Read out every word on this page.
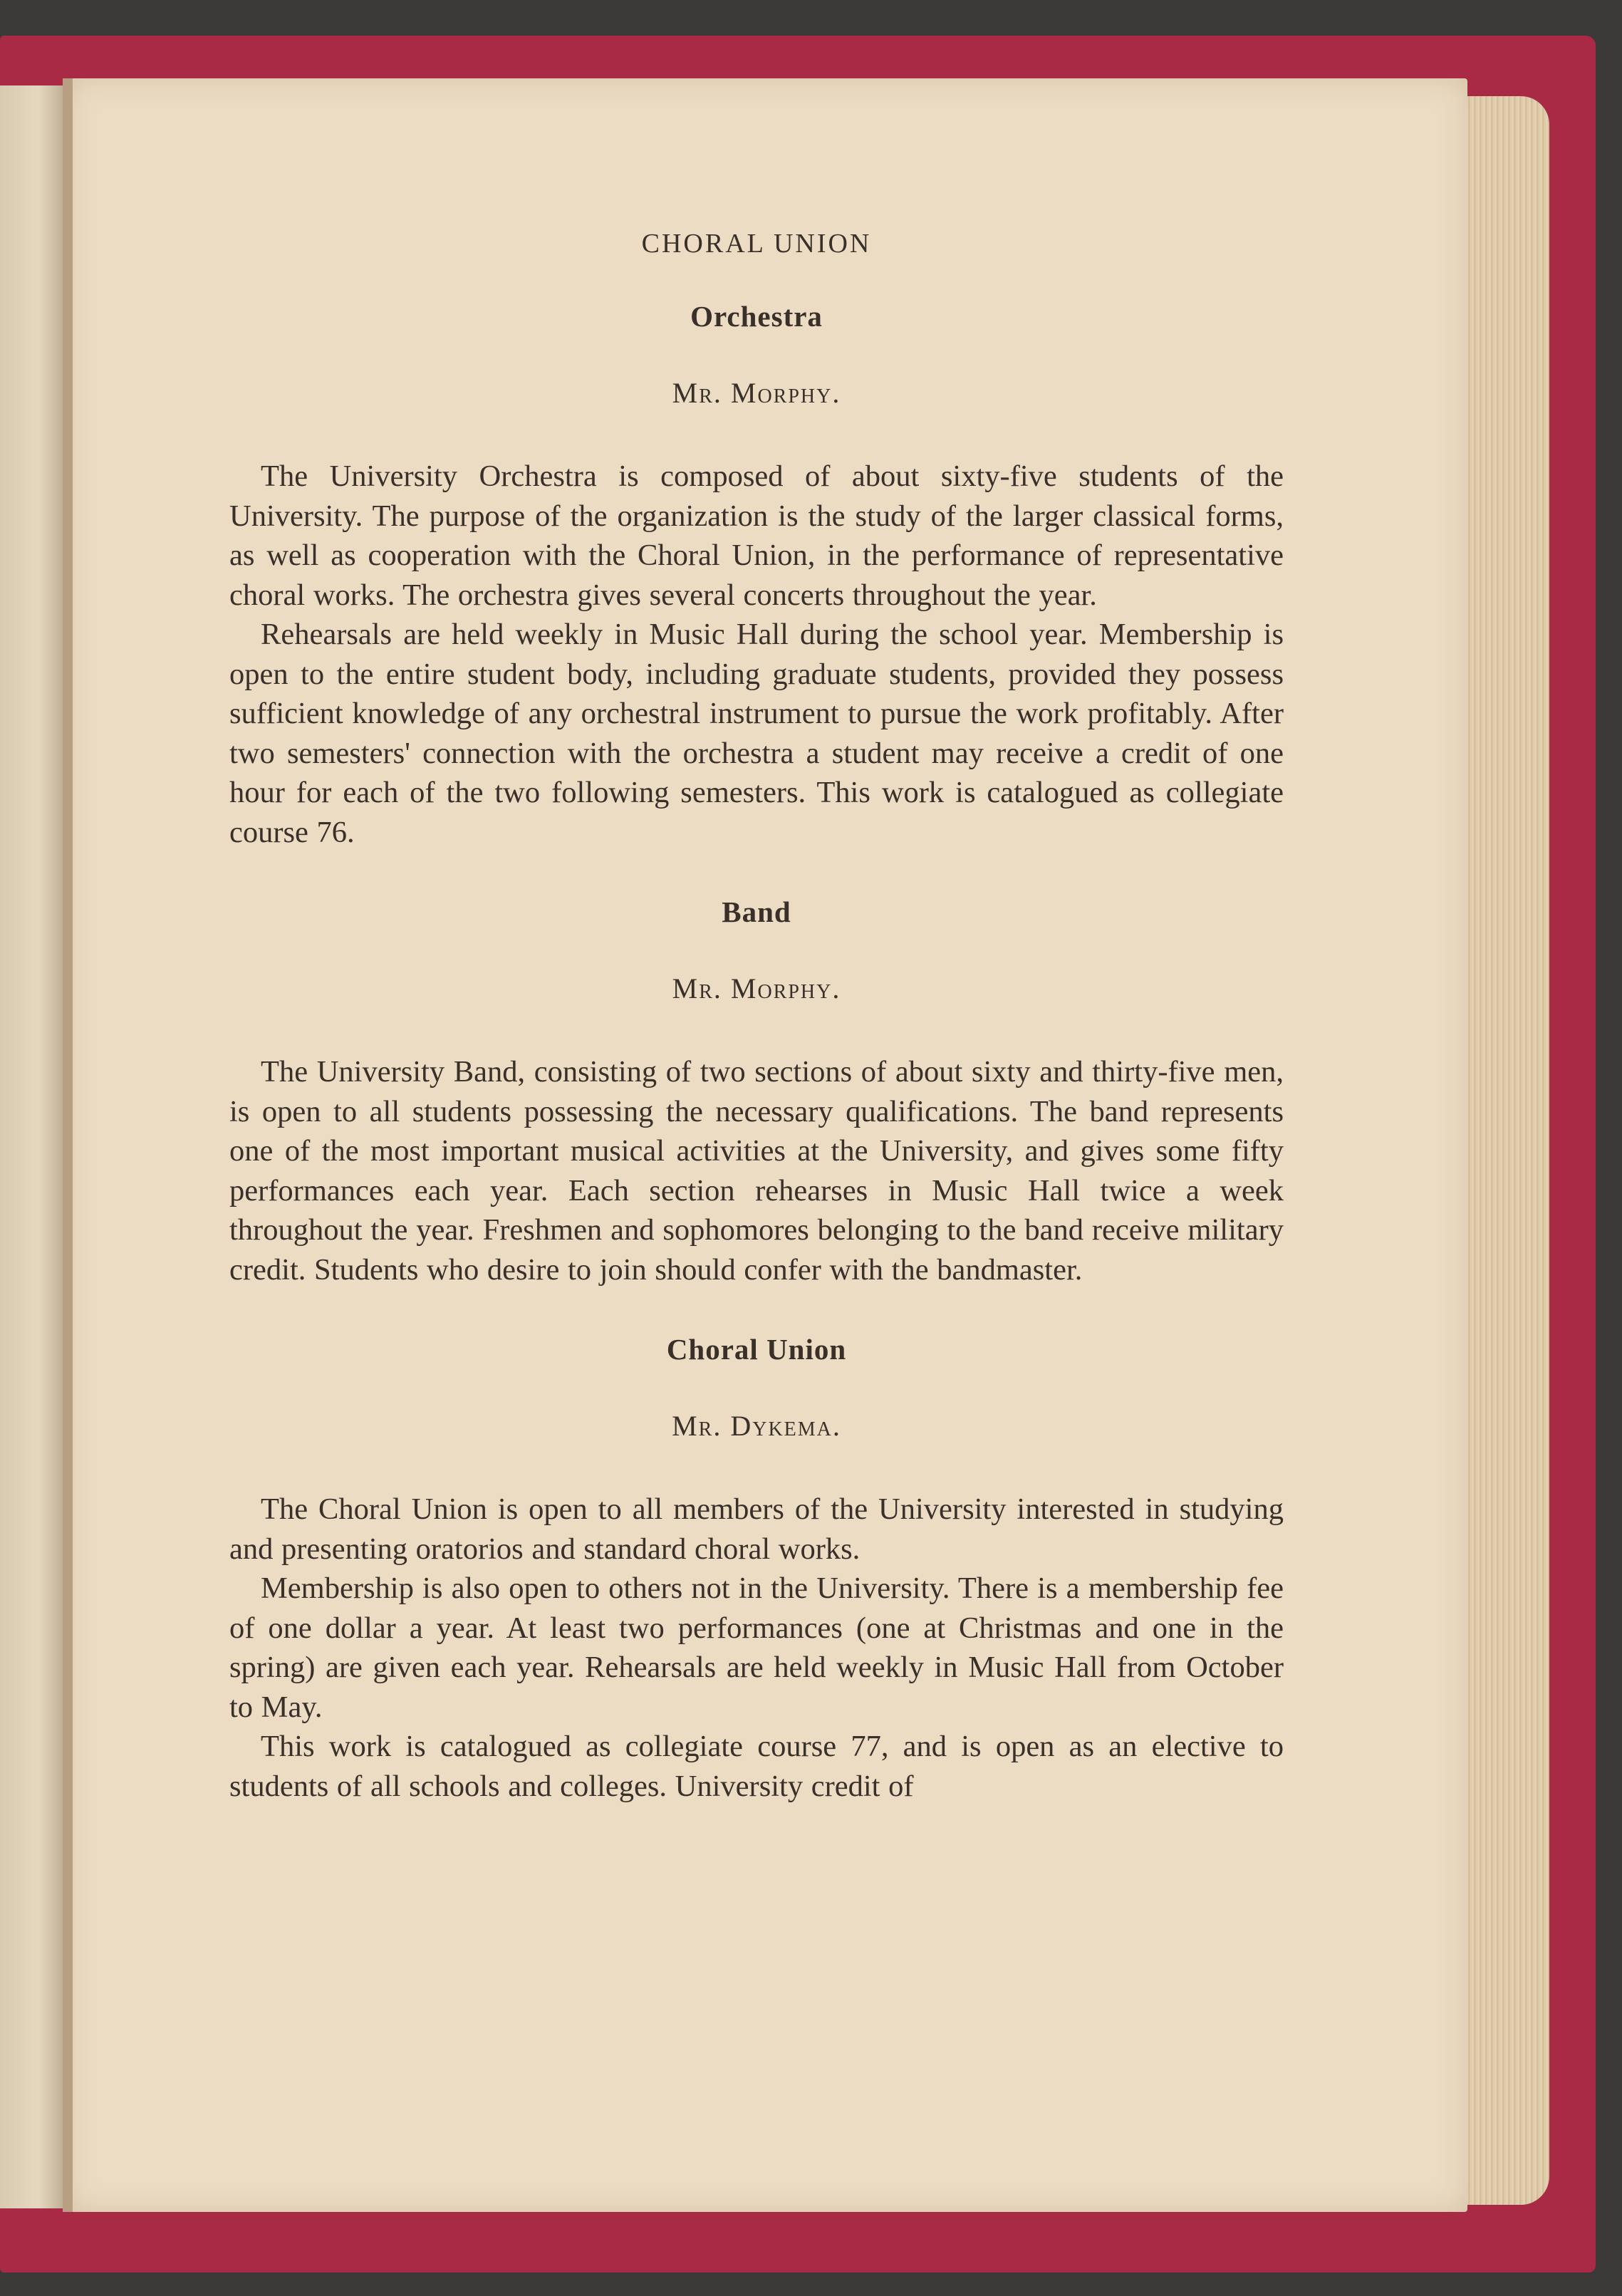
CHORAL UNION
Orchestra
Mr. Morphy.

The University Orchestra is composed of about sixty-five students of the University. The purpose of the organization is the study of the larger classical forms, as well as cooperation with the Choral Union, in the performance of representative choral works. The orchestra gives several concerts throughout the year.

Rehearsals are held weekly in Music Hall during the school year. Membership is open to the entire student body, including graduate students, provided they possess sufficient knowledge of any orchestral instrument to pursue the work profitably. After two semesters' connection with the orchestra a student may receive a credit of one hour for each of the two following semesters. This work is catalogued as collegiate course 76.

Band
Mr. Morphy.

The University Band, consisting of two sections of about sixty and thirty-five men, is open to all students possessing the necessary qualifications. The band represents one of the most important musical activities at the University, and gives some fifty performances each year. Each section rehearses in Music Hall twice a week throughout the year. Freshmen and sophomores belonging to the band receive military credit. Students who desire to join should confer with the bandmaster.

Choral Union
Mr. Dykema.

The Choral Union is open to all members of the University interested in studying and presenting oratorios and standard choral works.

Membership is also open to others not in the University. There is a membership fee of one dollar a year. At least two performances (one at Christmas and one in the spring) are given each year. Rehearsals are held weekly in Music Hall from October to May.

This work is catalogued as collegiate course 77, and is open as an elective to students of all schools and colleges. University credit of
